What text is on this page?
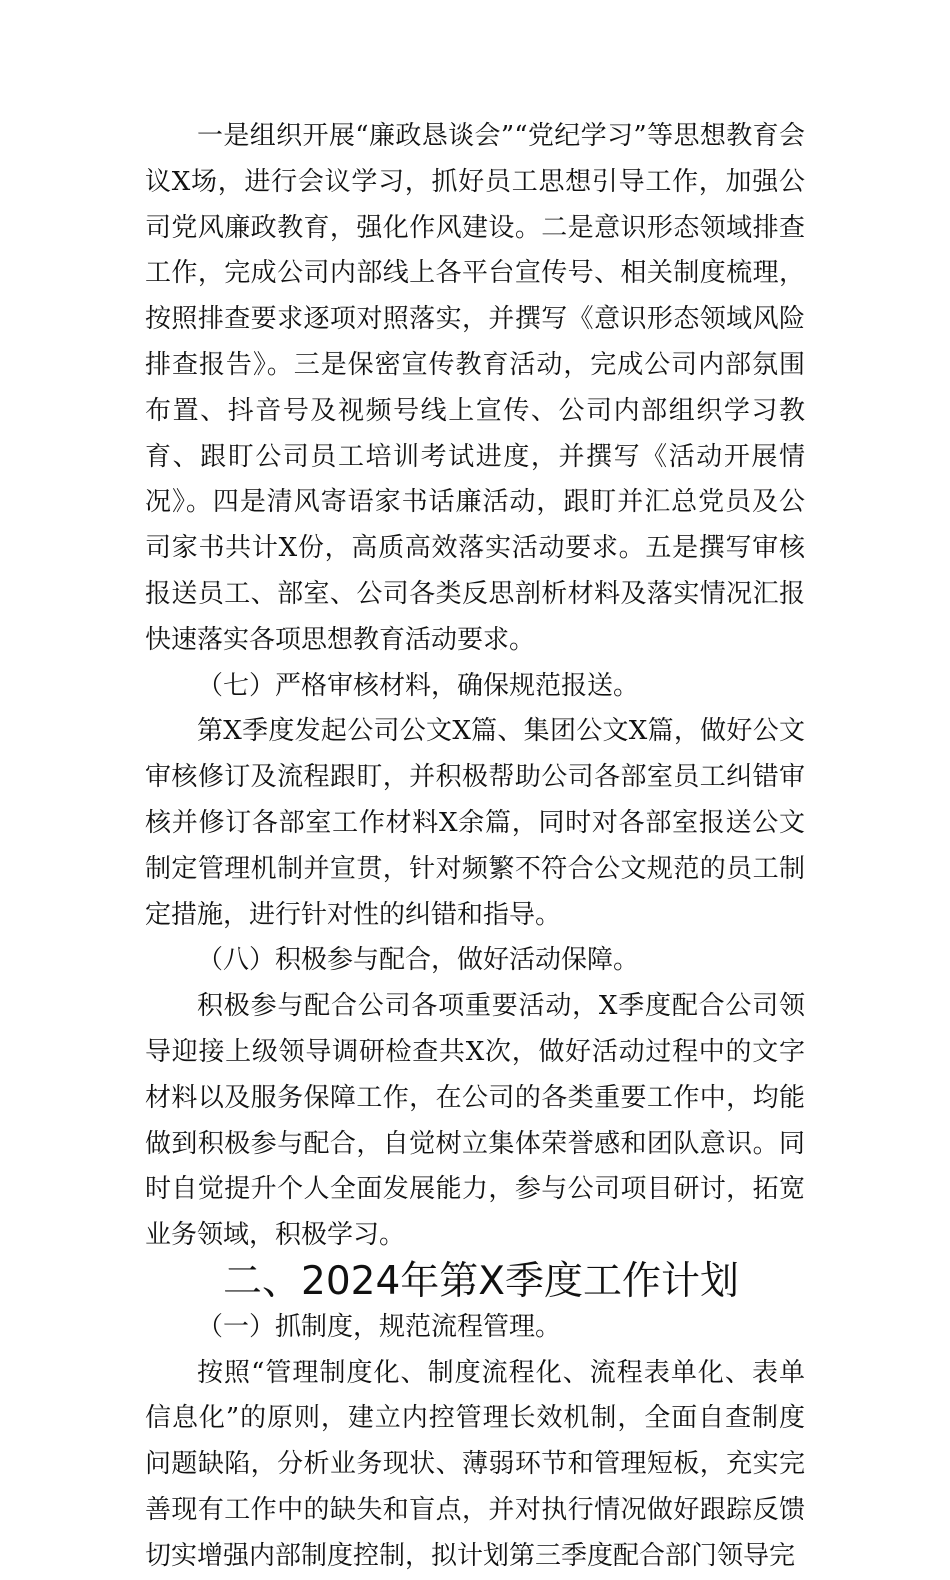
一是组织开展“廉政恳谈会”“党纪学习”等思想教育会议X场，进行会议学习，抓好员工思想引导工作，加强公司党风廉政教育，强化作风建设。二是意识形态领域排查工作，完成公司内部线上各平台宣传号、相关制度梳理，按照排查要求逐项对照落实，并撰写《意识形态领域风险排查报告》。三是保密宣传教育活动，完成公司内部氛围布置、抖音号及视频号线上宣传、公司内部组织学习教育、跟盯公司员工培训考试进度，并撰写《活动开展情况》。四是清风寄语家书话廉活动，跟盯并汇总党员及公司家书共计X份，高质高效落实活动要求。五是撰写审核报送员工、部室、公司各类反思剖析材料及落实情况汇报快速落实各项思想教育活动要求。

（七）严格审核材料，确保规范报送。

第X季度发起公司公文X篇、集团公文X篇，做好公文审核修订及流程跟盯，并积极帮助公司各部室员工纠错审核并修订各部室工作材料X余篇，同时对各部室报送公文制定管理机制并宣贯，针对频繁不符合公文规范的员工制定措施，进行针对性的纠错和指导。

（八）积极参与配合，做好活动保障。

积极参与配合公司各项重要活动，X季度配合公司领导迎接上级领导调研检查共X次，做好活动过程中的文字材料以及服务保障工作，在公司的各类重要工作中，均能做到积极参与配合，自觉树立集体荣誉感和团队意识。同时自觉提升个人全面发展能力，参与公司项目研讨，拓宽业务领域，积极学习。

二、2024年第X季度工作计划

（一）抓制度，规范流程管理。

按照“管理制度化、制度流程化、流程表单化、表单信息化”的原则，建立内控管理长效机制，全面自查制度问题缺陷，分析业务现状、薄弱环节和管理短板，充实完善现有工作中的缺失和盲点，并对执行情况做好跟踪反馈切实增强内部制度控制，拟计划第三季度配合部门领导完
